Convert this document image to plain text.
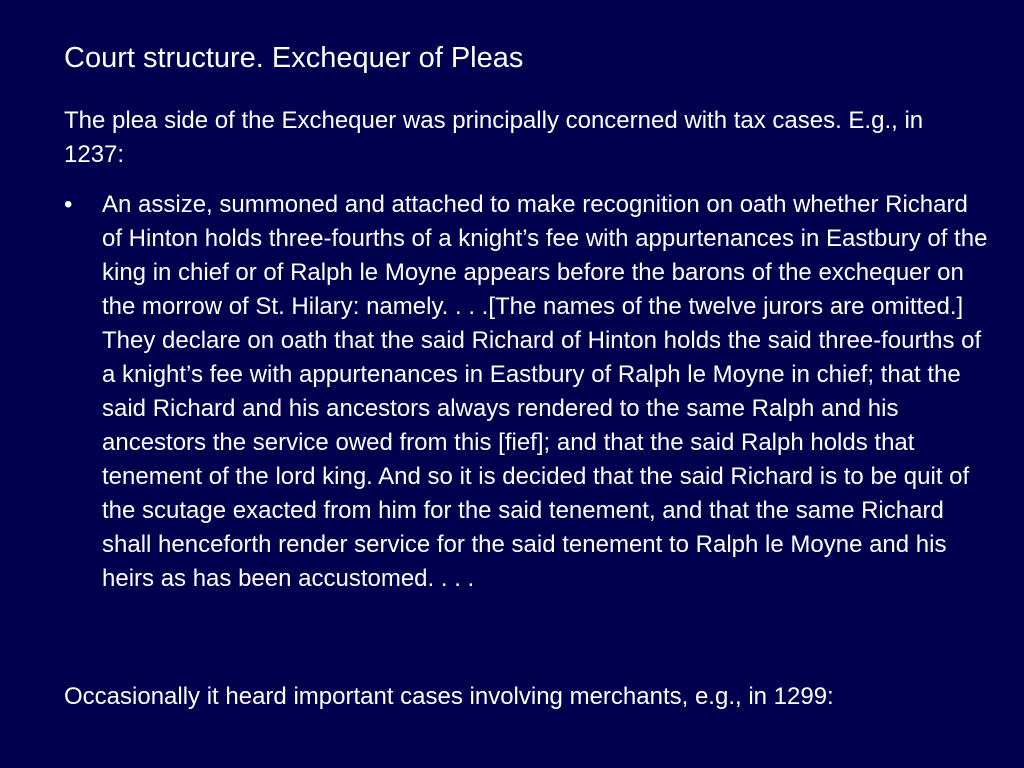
Court structure. Exchequer of Pleas
The plea side of the Exchequer was principally concerned with tax cases. E.g., in 1237:
•	An assize, summoned and attached to make recognition on oath whether Richard of Hinton holds three-fourths of a knight’s fee with appurtenances in Eastbury of the king in chief or of Ralph le Moyne appears before the barons of the exchequer on the morrow of St. Hilary: namely. . . .[The names of the twelve jurors are omitted.] They declare on oath that the said Richard of Hinton holds the said three-fourths of a knight’s fee with appurtenances in Eastbury of Ralph le Moyne in chief; that the said Richard and his ancestors always rendered to the same Ralph and his ancestors the service owed from this [fief]; and that the said Ralph holds that tenement of the lord king. And so it is decided that the said Richard is to be quit of the scutage exacted from him for the said tenement, and that the same Richard shall henceforth render service for the said tenement to Ralph le Moyne and his heirs as has been accustomed. . . .
Occasionally it heard important cases involving merchants, e.g., in 1299:
